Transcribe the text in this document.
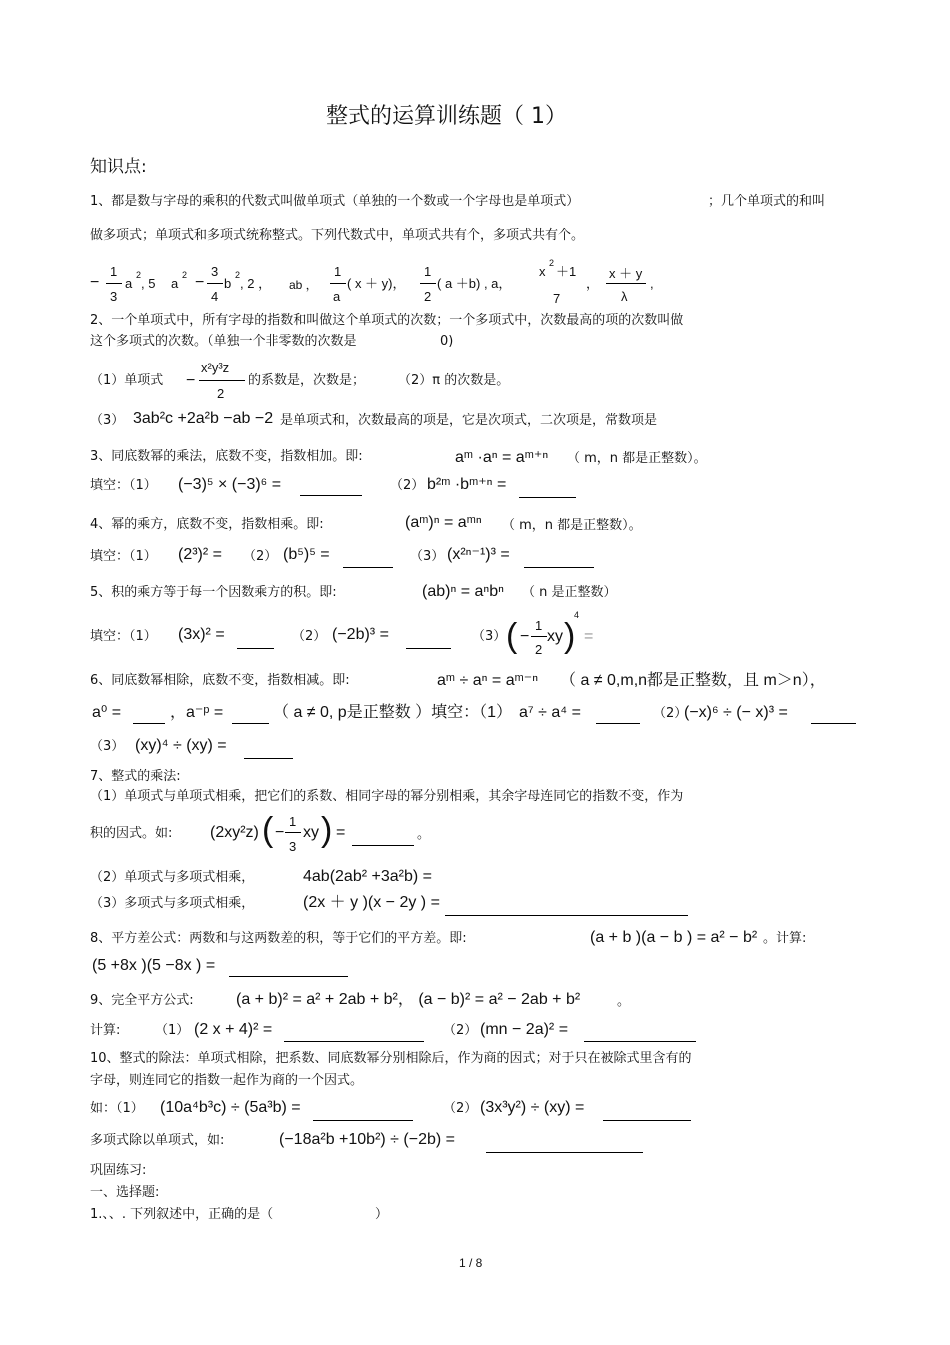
整式的运算训练题（ 1）
知识点:
1、都是数与字母的乘积的代数式叫做单项式（单独的一个数或一个字母也是单项式）	；几个单项式的和叫
做多项式；单项式和多项式统称整式。下列代数式中，单项式共有个，多项式共有个。
−
1
3
a
2
, 5 a
2 −
3
4
b
2
, 2 ， ab ，
1
a
( x ＋ y)，
1
2
( a ＋b) , a，
x
2
＋1
7
，
x ＋ y
λ
,
2、一个单项式中，所有字母的指数和叫做这个单项式的次数；一个多项式中，次数最高的项的次数叫做
这个多项式的次数。（单独一个非零数的次数是	0)
（1）单项式 −
x²y³z
2
的系数是，次数是；	（2）π 的次数是。
（3） 3ab²c +2a²b −ab −2 是单项式和，次数最高的项是，它是次项式，二次项是，常数项是
3、同底数幂的乘法，底数不变，指数相加。即:	aᵐ ·aⁿ = aᵐ⁺ⁿ （ m，n 都是正整数）。
填空：（1） (−3)⁵ × (−3)⁶ =	（2） b²ᵐ ·bᵐ⁺ⁿ =
4、幂的乘方，底数不变，指数相乘。即:	(aᵐ)ⁿ = aᵐⁿ （ m，n 都是正整数）。
填空：（1） (2³)² = （2） (b⁵)⁵ =	（3） (x²ⁿ⁻¹)³ =
5、积的乘方等于每一个因数乘方的积。即:	(ab)ⁿ = aⁿbⁿ （ n 是正整数）
填空：（1） (3x)² =	（2） (−2b)³ =	（3） ( −
1
2
xy )
4
=
6、同底数幂相除，底数不变，指数相减。即:	aᵐ ÷ aⁿ = aᵐ⁻ⁿ （ a ≠ 0,m,n都是正整数，且 m＞n），
a⁰ =	，a⁻ᵖ =	（ a ≠ 0, p是正整数 ）填空：（1） a⁷ ÷ a⁴ =	（2）
(−x)⁶ ÷ (− x)³ =
（3） (xy)⁴ ÷ (xy) =
7、整式的乘法:
（1）单项式与单项式相乘，把它们的系数、相同字母的幂分别相乘，其余字母连同它的指数不变，作为
积的因式。如: (2xy²z) ( −
1
3
xy ) =	。
（2）单项式与多项式相乘，	4ab(2ab² +3a²b) =
（3）多项式与多项式相乘，	(2x ＋ y )(x − 2y ) =
8、平方差公式：两数和与这两数差的积，等于它们的平方差。即:	(a + b )(a − b ) = a² − b² 。计算:
(5 +8x )(5 −8x ) =
9、完全平方公式:	(a + b)² = a² + 2ab + b²， (a − b)² = a² − 2ab + b²	。
计算:	（1） (2 x + 4)² =	（2） (mn − 2a)² =
10、整式的除法：单项式相除，把系数、同底数幂分别相除后，作为商的因式；对于只在被除式里含有的
字母，则连同它的指数一起作为商的一个因式。
如：（1） (10a⁴b³c) ÷ (5a³b) =	（2） (3x³y²) ÷ (xy) =
多项式除以单项式，如:	(−18a²b +10b²) ÷ (−2b) =
巩固练习:
一、选择题:
1.、、. 下列叙述中，正确的是（	）
1 / 8
